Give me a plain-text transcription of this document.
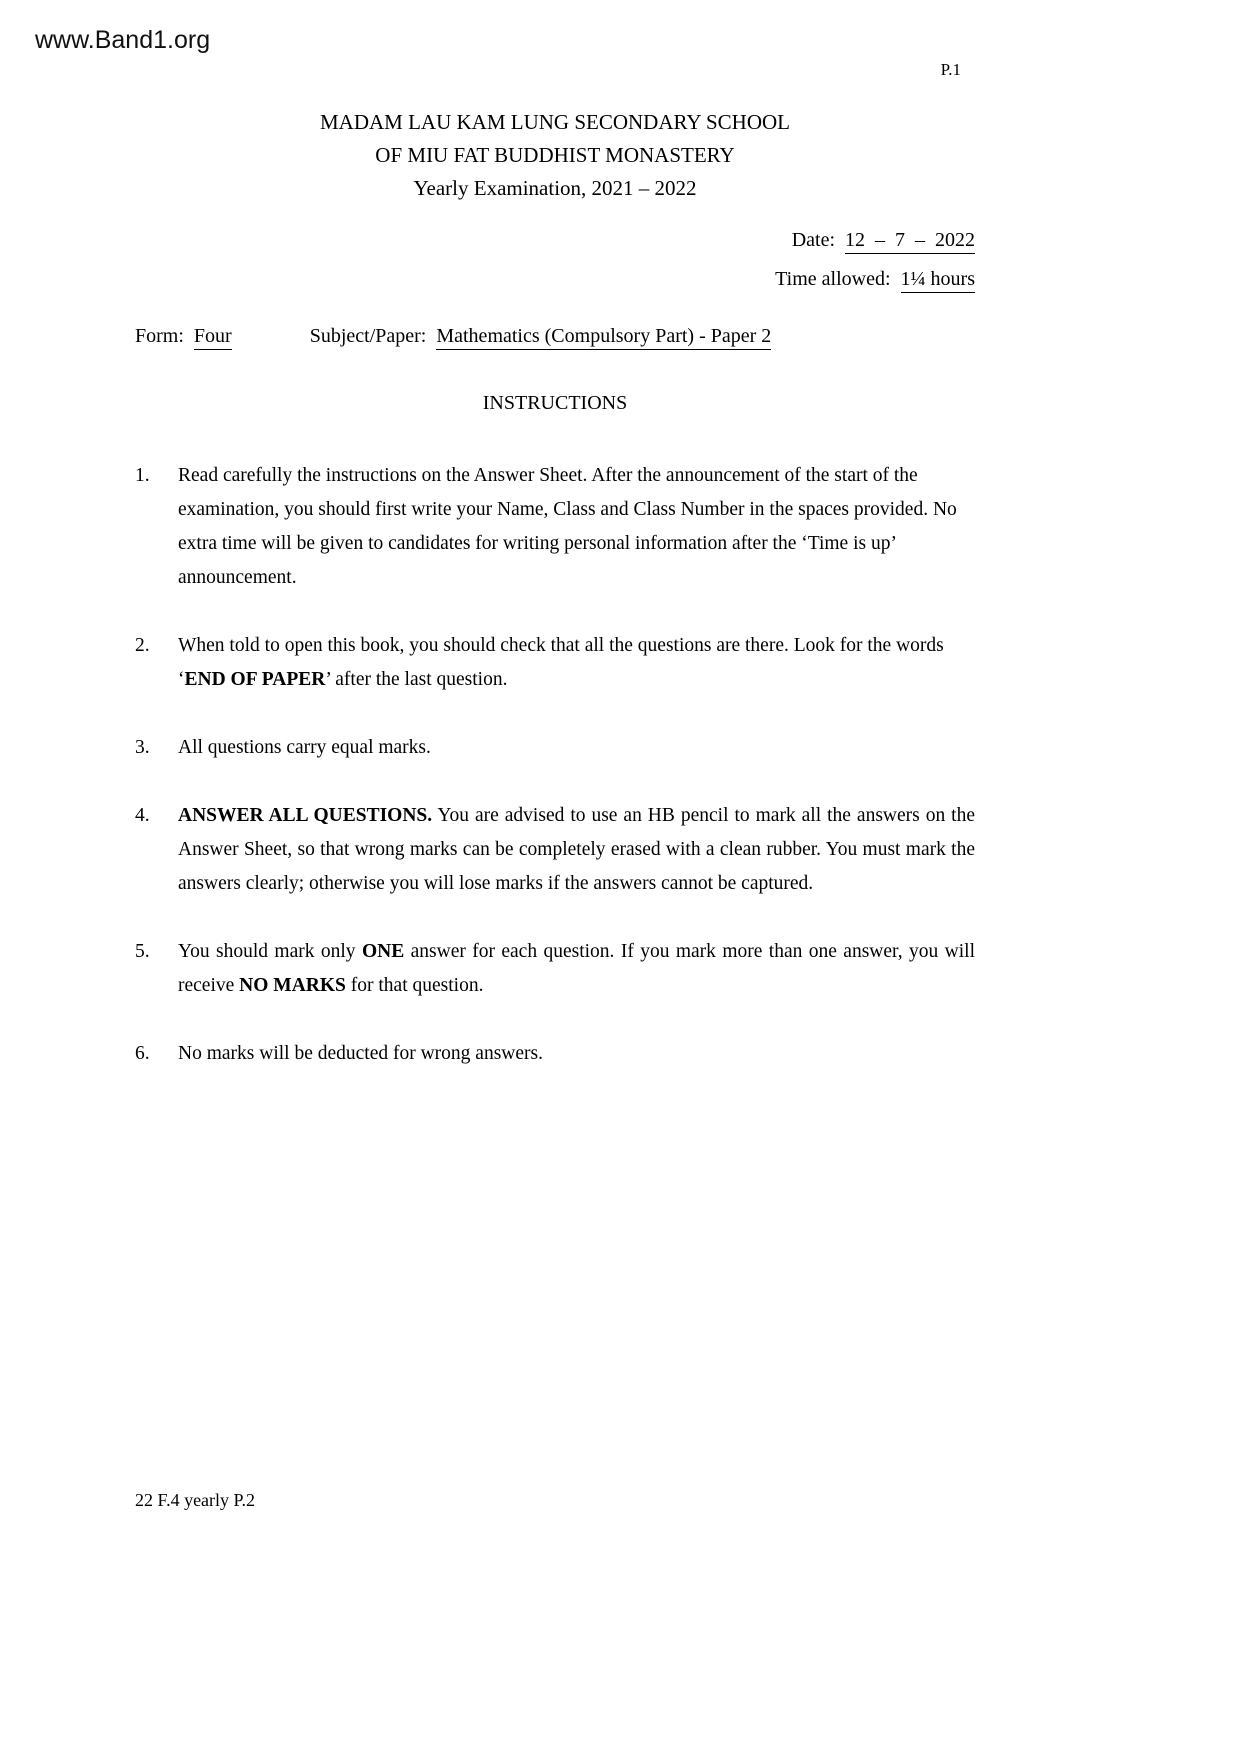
www.Band1.org
P.1
MADAM LAU KAM LUNG SECONDARY SCHOOL
OF MIU FAT BUDDHIST MONASTERY
Yearly Examination, 2021 – 2022
Date: 12  –  7  –  2022
Time allowed: 1¼ hours
Form: Four	Subject/Paper: Mathematics (Compulsory Part) - Paper 2
INSTRUCTIONS
1.	Read carefully the instructions on the Answer Sheet. After the announcement of the start of the examination, you should first write your Name, Class and Class Number in the spaces provided. No extra time will be given to candidates for writing personal information after the ‘Time is up’ announcement.
2.	When told to open this book, you should check that all the questions are there. Look for the words ‘END OF PAPER’ after the last question.
3.	All questions carry equal marks.
4.	ANSWER ALL QUESTIONS. You are advised to use an HB pencil to mark all the answers on the Answer Sheet, so that wrong marks can be completely erased with a clean rubber. You must mark the answers clearly; otherwise you will lose marks if the answers cannot be captured.
5.	You should mark only ONE answer for each question. If you mark more than one answer, you will receive NO MARKS for that question.
6.	No marks will be deducted for wrong answers.
22 F.4 yearly P.2
